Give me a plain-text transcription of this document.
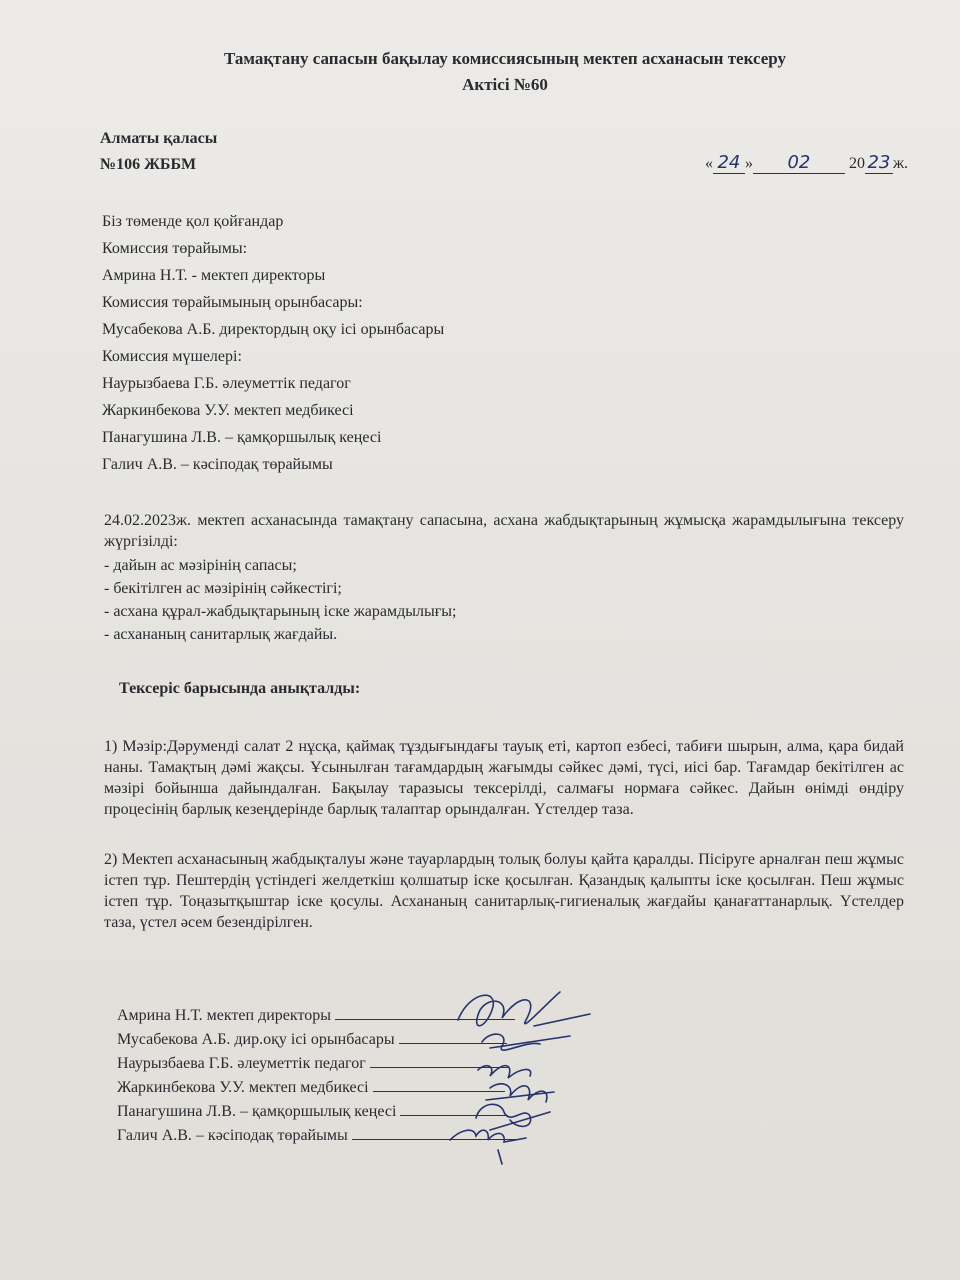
Тамақтану сапасын бақылау комиссиясының мектеп асханасын тексеру
Актісі №60
Алматы қаласы
№106 ЖББМ	« 24 » 02 20 23 ж.
Біз төменде қол қойғандар
Комиссия төрайымы:
Амрина Н.Т. - мектеп директоры
Комиссия төрайымының орынбасары:
Мусабекова А.Б. директордың оқу ісі орынбасары
Комиссия мүшелері:
Наурызбаева Г.Б. әлеуметтік педагог
Жаркинбекова У.У. мектеп медбикесі
Панагушина Л.В. – қамқоршылық кеңесі
Галич А.В. – кәсіподақ төрайымы
24.02.2023ж. мектеп асханасында тамақтану сапасына, асхана жабдықтарының жұмысқа жарамдылығына тексеру жүргізілді:
- дайын ас мәзірінің сапасы;
- бекітілген ас мәзірінің сәйкестігі;
- асхана құрал-жабдықтарының іске жарамдылығы;
- асхананың санитарлық жағдайы.
Тексеріс барысында анықталды:
1) Мәзір:Дәруменді салат 2 нұсқа, қаймақ тұздығындағы тауық еті, картоп езбесі, табиғи шырын, алма, қара бидай наны. Тамақтың дәмі жақсы. Ұсынылған тағамдардың жағымды сәйкес дәмі, түсі, иісі бар. Тағамдар бекітілген ас мәзірі бойынша дайындалған. Бақылау таразысы тексерілді, салмағы нормаға сәйкес. Дайын өнімді өндіру процесінің барлық кезеңдерінде барлық талаптар орындалған. Үстелдер таза.
2) Мектеп асханасының жабдықталуы және тауарлардың толық болуы қайта қаралды. Пісіруге арналған пеш жұмыс істеп тұр. Пештердің үстіндегі желдеткіш қолшатыр іске қосылған. Қазандық қалыпты іске қосылған. Пеш жұмыс істеп тұр. Тоңазытқыштар іске қосулы. Асхананың санитарлық-гигиеналық жағдайы қанағаттанарлық. Үстелдер таза, үстел әсем безендірілген.
Амрина Н.Т. мектеп директоры
Мусабекова А.Б. дир.оқу ісі орынбасары
Наурызбаева Г.Б. әлеуметтік педагог
Жаркинбекова У.У. мектеп медбикесі
Панагушина Л.В. – қамқоршылық кеңесі
Галич А.В. – кәсіподақ төрайымы
